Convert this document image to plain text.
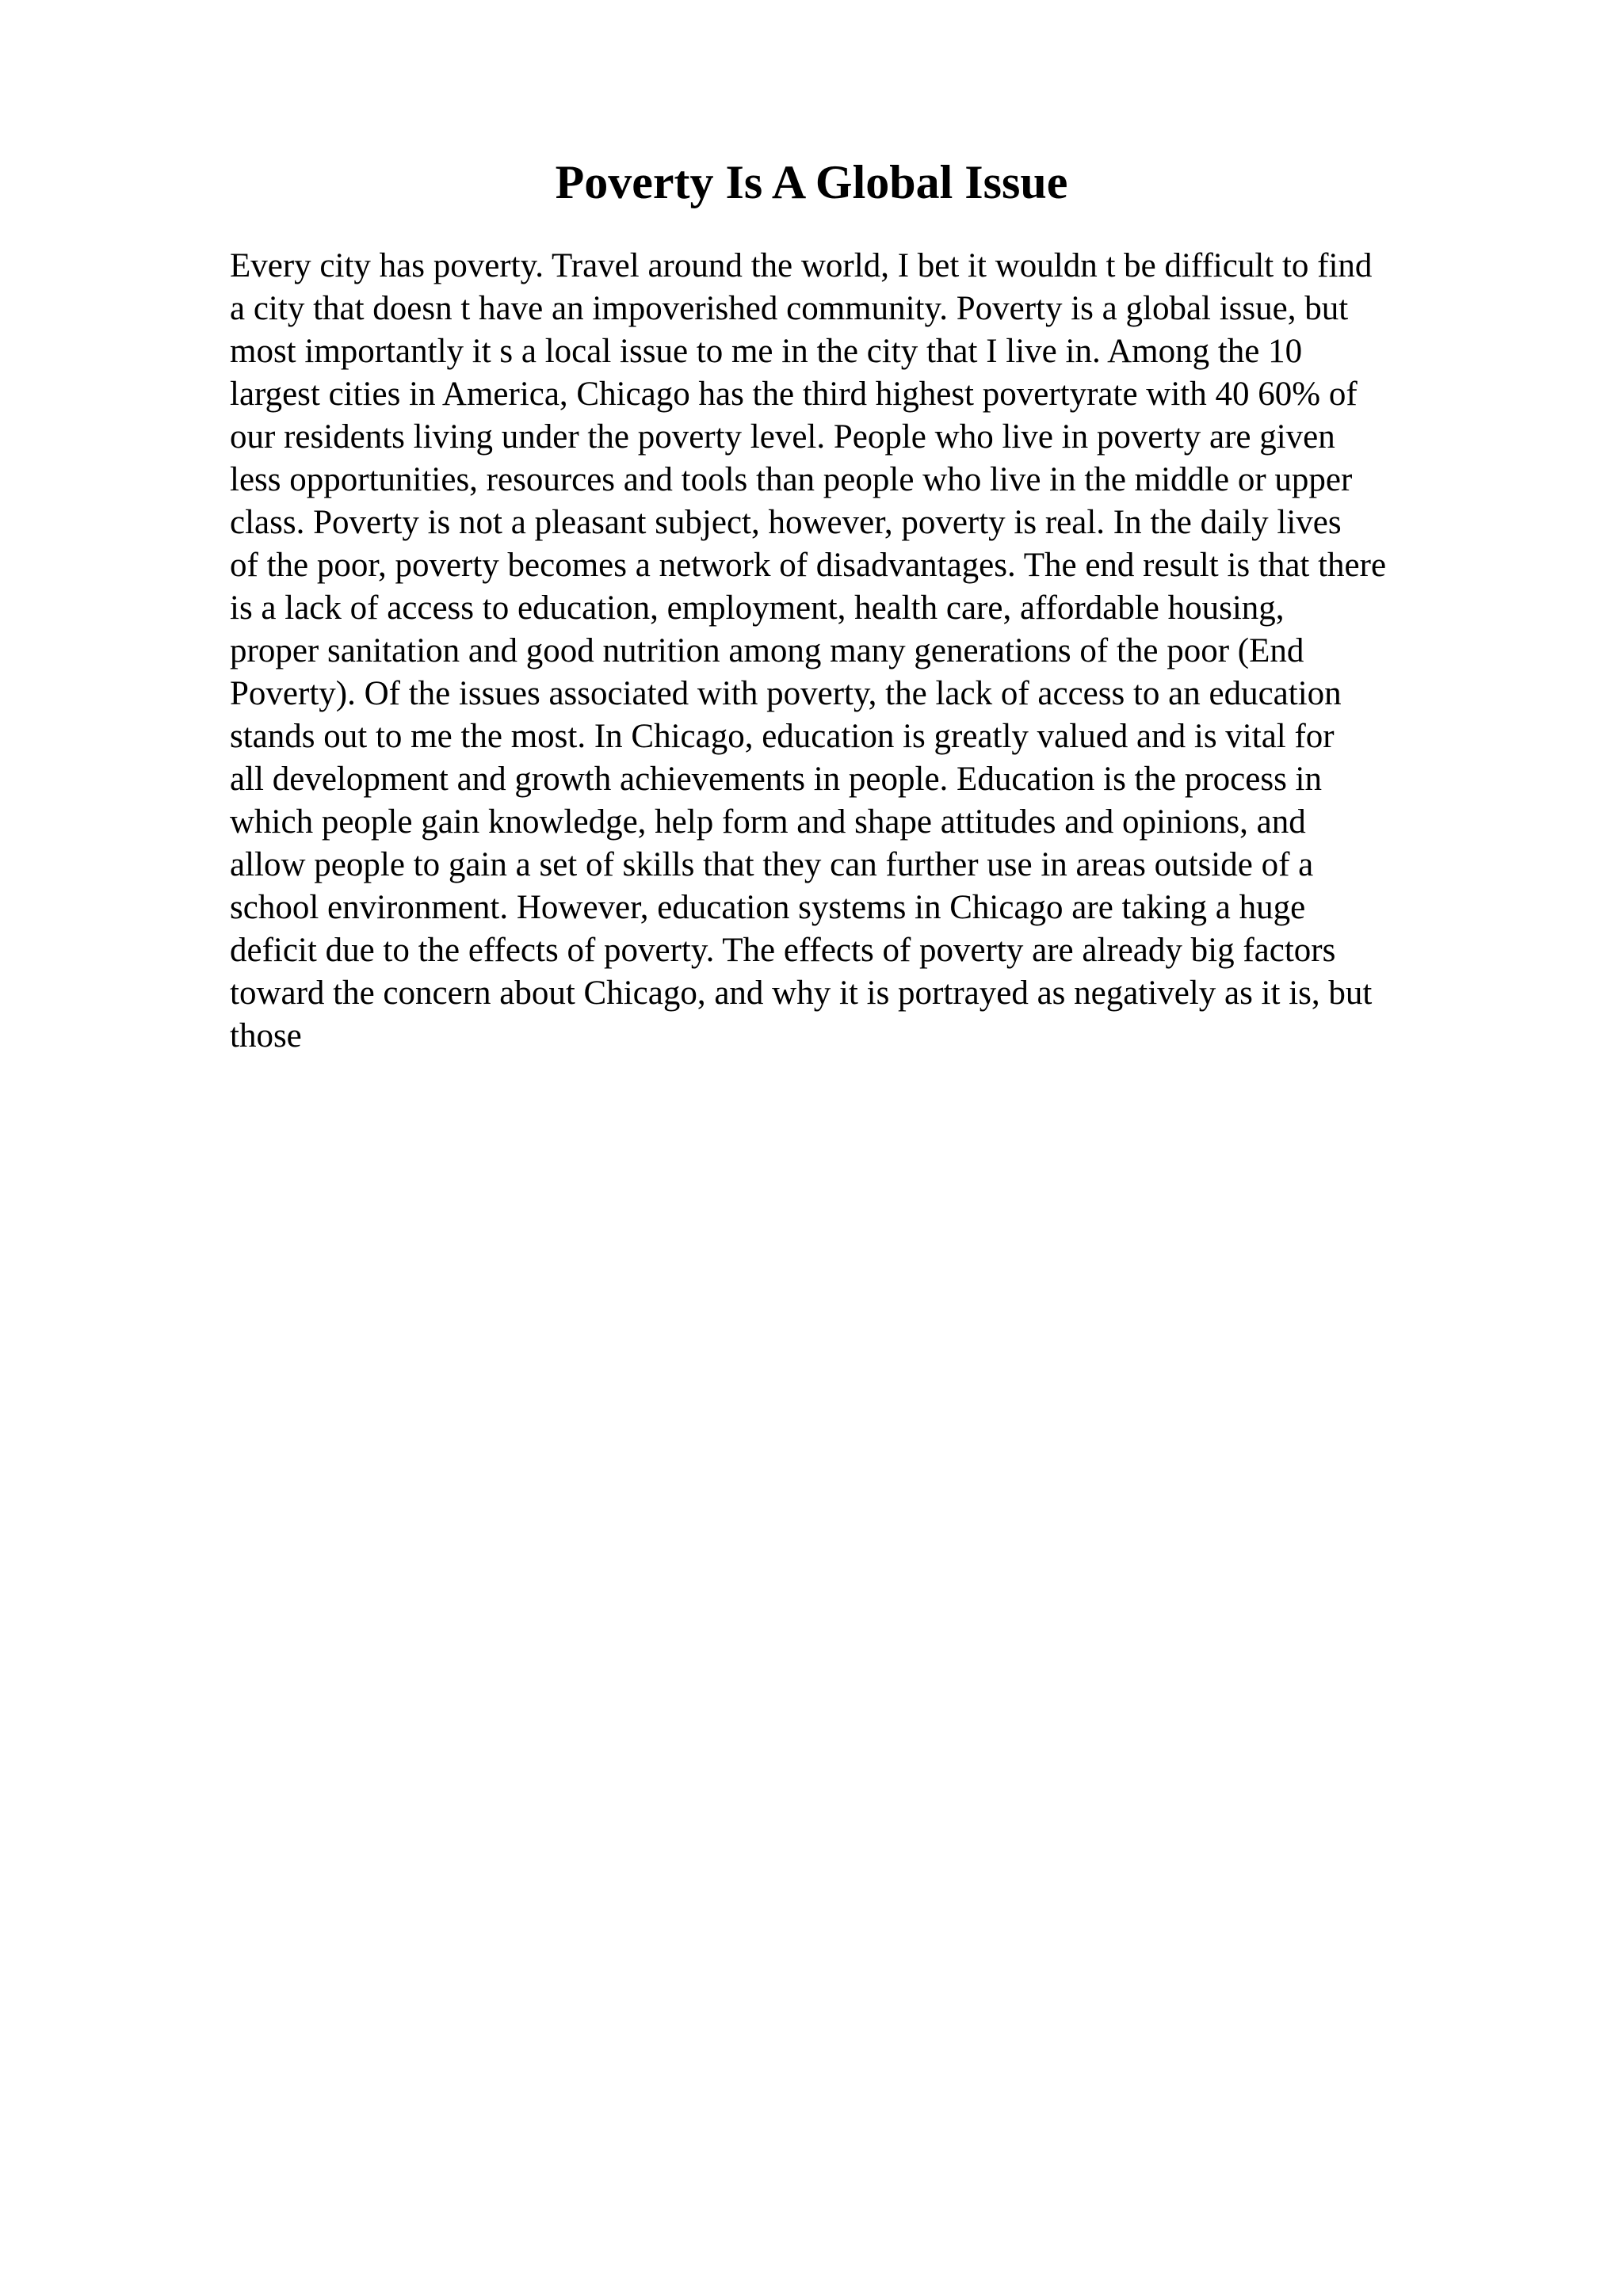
Poverty Is A Global Issue
Every city has poverty. Travel around the world, I bet it wouldn t be difficult to find
a city that doesn t have an impoverished community. Poverty is a global issue, but
most importantly it s a local issue to me in the city that I live in. Among the 10
largest cities in America, Chicago has the third highest povertyrate with 40 60% of
our residents living under the poverty level. People who live in poverty are given
less opportunities, resources and tools than people who live in the middle or upper
class. Poverty is not a pleasant subject, however, poverty is real. In the daily lives
of the poor, poverty becomes a network of disadvantages. The end result is that there
is a lack of access to education, employment, health care, affordable housing,
proper sanitation and good nutrition among many generations of the poor (End
Poverty). Of the issues associated with poverty, the lack of access to an education
stands out to me the most. In Chicago, education is greatly valued and is vital for
all development and growth achievements in people. Education is the process in
which people gain knowledge, help form and shape attitudes and opinions, and
allow people to gain a set of skills that they can further use in areas outside of a
school environment. However, education systems in Chicago are taking a huge
deficit due to the effects of poverty. The effects of poverty are already big factors
toward the concern about Chicago, and why it is portrayed as negatively as it is, but
those
